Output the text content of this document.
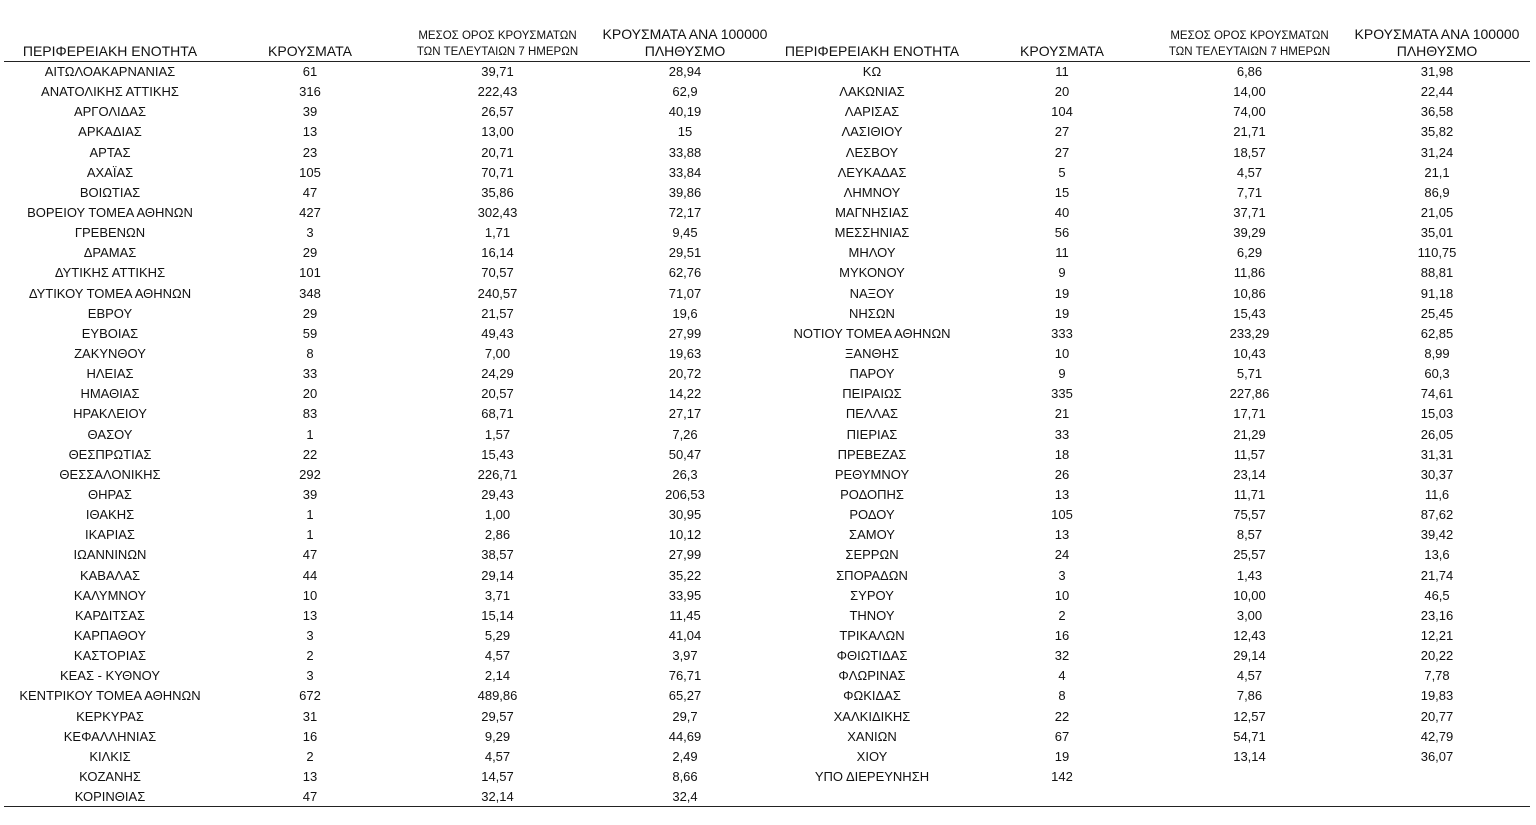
ΠΕΡΙΦΕΡΕΙΑΚΗ ΕΝΟΤΗΤΑ	ΚΡΟΥΣΜΑΤΑ
ΜΕΣΟΣ ΟΡΟΣ ΚΡΟΥΣΜΑΤΩΝ
ΤΩΝ ΤΕΛΕΥΤΑΙΩΝ 7 ΗΜΕΡΩΝ
ΚΡΟΥΣΜΑΤΑ ΑΝΑ 100000
ΠΛΗΘΥΣΜΟ
ΑΙΤΩΛΟΑΚΑΡΝΑΝΙΑΣ	61	39,71	28,94
ΑΝΑΤΟΛΙΚΗΣ ΑΤΤΙΚΗΣ	316	222,43	62,9
ΑΡΓΟΛΙΔΑΣ	39	26,57	40,19
ΑΡΚΑΔΙΑΣ	13	13,00	15
ΑΡΤΑΣ	23	20,71	33,88
ΑΧΑΪΑΣ	105	70,71	33,84
ΒΟΙΩΤΙΑΣ	47	35,86	39,86
ΒΟΡΕΙΟΥ ΤΟΜΕΑ ΑΘΗΝΩΝ	427	302,43	72,17
ΓΡΕΒΕΝΩΝ	3	1,71	9,45
ΔΡΑΜΑΣ	29	16,14	29,51
ΔΥΤΙΚΗΣ ΑΤΤΙΚΗΣ	101	70,57	62,76
ΔΥΤΙΚΟΥ ΤΟΜΕΑ ΑΘΗΝΩΝ	348	240,57	71,07
ΕΒΡΟΥ	29	21,57	19,6
ΕΥΒΟΙΑΣ	59	49,43	27,99
ΖΑΚΥΝΘΟΥ	8	7,00	19,63
ΗΛΕΙΑΣ	33	24,29	20,72
ΗΜΑΘΙΑΣ	20	20,57	14,22
ΗΡΑΚΛΕΙΟΥ	83	68,71	27,17
ΘΑΣΟΥ	1	1,57	7,26
ΘΕΣΠΡΩΤΙΑΣ	22	15,43	50,47
ΘΕΣΣΑΛΟΝΙΚΗΣ	292	226,71	26,3
ΘΗΡΑΣ	39	29,43	206,53
ΙΘΑΚΗΣ	1	1,00	30,95
ΙΚΑΡΙΑΣ	1	2,86	10,12
ΙΩΑΝΝΙΝΩΝ	47	38,57	27,99
ΚΑΒΑΛΑΣ	44	29,14	35,22
ΚΑΛΥΜΝΟΥ	10	3,71	33,95
ΚΑΡΔΙΤΣΑΣ	13	15,14	11,45
ΚΑΡΠΑΘΟΥ	3	5,29	41,04
ΚΑΣΤΟΡΙΑΣ	2	4,57	3,97
ΚΕΑΣ - ΚΥΘΝΟΥ	3	2,14	76,71
ΚΕΝΤΡΙΚΟΥ ΤΟΜΕΑ ΑΘΗΝΩΝ	672	489,86	65,27
ΚΕΡΚΥΡΑΣ	31	29,57	29,7
ΚΕΦΑΛΛΗΝΙΑΣ	16	9,29	44,69
ΚΙΛΚΙΣ	2	4,57	2,49
ΚΟΖΑΝΗΣ	13	14,57	8,66
ΚΟΡΙΝΘΙΑΣ	47	32,14	32,4
ΠΕΡΙΦΕΡΕΙΑΚΗ ΕΝΟΤΗΤΑ	ΚΡΟΥΣΜΑΤΑ
ΜΕΣΟΣ ΟΡΟΣ ΚΡΟΥΣΜΑΤΩΝ
ΤΩΝ ΤΕΛΕΥΤΑΙΩΝ 7 ΗΜΕΡΩΝ
ΚΡΟΥΣΜΑΤΑ ΑΝΑ 100000
ΠΛΗΘΥΣΜΟ
ΚΩ	11	6,86	31,98
ΛΑΚΩΝΙΑΣ	20	14,00	22,44
ΛΑΡΙΣΑΣ	104	74,00	36,58
ΛΑΣΙΘΙΟΥ	27	21,71	35,82
ΛΕΣΒΟΥ	27	18,57	31,24
ΛΕΥΚΑΔΑΣ	5	4,57	21,1
ΛΗΜΝΟΥ	15	7,71	86,9
ΜΑΓΝΗΣΙΑΣ	40	37,71	21,05
ΜΕΣΣΗΝΙΑΣ	56	39,29	35,01
ΜΗΛΟΥ	11	6,29	110,75
ΜΥΚΟΝΟΥ	9	11,86	88,81
ΝΑΞΟΥ	19	10,86	91,18
ΝΗΣΩΝ	19	15,43	25,45
ΝΟΤΙΟΥ ΤΟΜΕΑ ΑΘΗΝΩΝ	333	233,29	62,85
ΞΑΝΘΗΣ	10	10,43	8,99
ΠΑΡΟΥ	9	5,71	60,3
ΠΕΙΡΑΙΩΣ	335	227,86	74,61
ΠΕΛΛΑΣ	21	17,71	15,03
ΠΙΕΡΙΑΣ	33	21,29	26,05
ΠΡΕΒΕΖΑΣ	18	11,57	31,31
ΡΕΘΥΜΝΟΥ	26	23,14	30,37
ΡΟΔΟΠΗΣ	13	11,71	11,6
ΡΟΔΟΥ	105	75,57	87,62
ΣΑΜΟΥ	13	8,57	39,42
ΣΕΡΡΩΝ	24	25,57	13,6
ΣΠΟΡΑΔΩΝ	3	1,43	21,74
ΣΥΡΟΥ	10	10,00	46,5
ΤΗΝΟΥ	2	3,00	23,16
ΤΡΙΚΑΛΩΝ	16	12,43	12,21
ΦΘΙΩΤΙΔΑΣ	32	29,14	20,22
ΦΛΩΡΙΝΑΣ	4	4,57	7,78
ΦΩΚΙΔΑΣ	8	7,86	19,83
ΧΑΛΚΙΔΙΚΗΣ	22	12,57	20,77
ΧΑΝΙΩΝ	67	54,71	42,79
ΧΙΟΥ	19	13,14	36,07
ΥΠΟ ΔΙΕΡΕΥΝΗΣΗ	142
